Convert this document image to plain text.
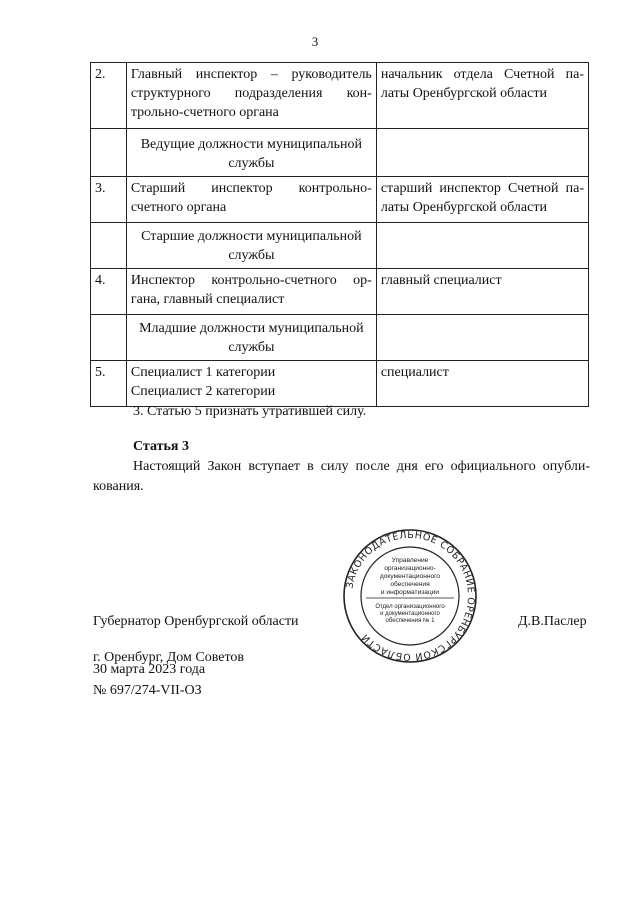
3
2.	Главный инспектор – руководитель
структурного подразделения кон-
трольно-счетного органа	начальник отдела Счетной па-
латы Оренбургской области

	Ведущие должности муниципальной
службы	

3.	Старший инспектор контрольно-
счетного органа	старший инспектор Счетной па-
латы Оренбургской области

	Старшие должности муниципальной
службы	

4.	Инспектор контрольно-счетного ор-
гана, главный специалист	главный специалист

	Младшие должности муниципальной
службы	

5.	Специалист 1 категории
Специалист 2 категории	специалист
3. Статью 5 признать утратившей силу.
Статья 3
Настоящий Закон вступает в силу после дня его официального опубли-
кования.
ЗАКОНОДАТЕЛЬНОЕ СОБРАНИЕ ОРЕНБУРГСКОЙ ОБЛАСТИ
Управление
организационно-
документационного
обеспечения
и информатизации
Отдел организационного
и документационного
обеспечения № 1
Губернатор Оренбургской области	Д.В.Паслер
г. Оренбург, Дом Советов
30 марта 2023 года
№ 697/274-VII-ОЗ
